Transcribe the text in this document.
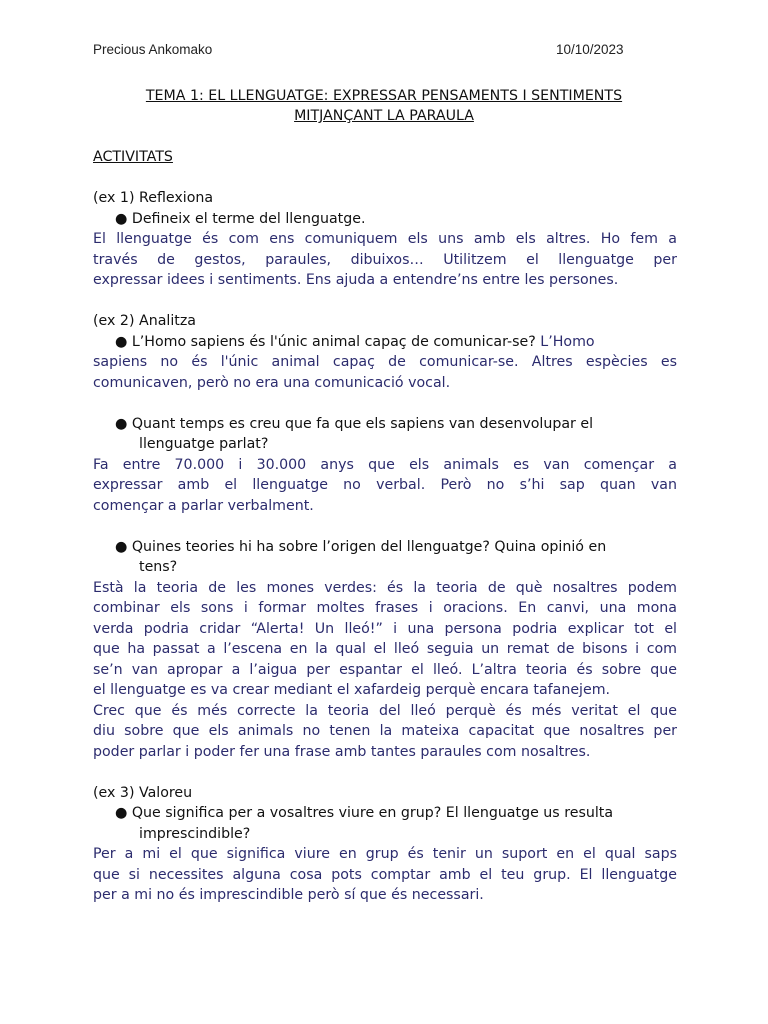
Precious Ankomako	10/10/2023
TEMA 1: EL LLENGUATGE: EXPRESSAR PENSAMENTS I SENTIMENTS
MITJANÇANT LA PARAULA
ACTIVITATS
(ex 1) Reflexiona
● Defineix el terme del llenguatge.
El llenguatge és com ens comuniquem els uns amb els altres. Ho fem a
través de gestos, paraules, dibuixos… Utilitzem el llenguatge per
expressar idees i sentiments. Ens ajuda a entendre’ns entre les persones.
(ex 2) Analitza
● L’Homo sapiens és l'únic animal capaç de comunicar-se? L’Homo
sapiens no és l'únic animal capaç de comunicar-se. Altres espècies es
comunicaven, però no era una comunicació vocal.
● Quant temps es creu que fa que els sapiens van desenvolupar el
llenguatge parlat?
Fa entre 70.000 i 30.000 anys que els animals es van començar a
expressar amb el llenguatge no verbal. Però no s’hi sap quan van
començar a parlar verbalment.
● Quines teories hi ha sobre l’origen del llenguatge? Quina opinió en
tens?
Està la teoria de les mones verdes: és la teoria de què nosaltres podem
combinar els sons i formar moltes frases i oracions. En canvi, una mona
verda podria cridar “Alerta! Un lleó!” i una persona podria explicar tot el
que ha passat a l’escena en la qual el lleó seguia un remat de bisons i com
se’n van apropar a l’aigua per espantar el lleó. L’altra teoria és sobre que
el llenguatge es va crear mediant el xafardeig perquè encara tafanejem.
Crec que és més correcte la teoria del lleó perquè és més veritat el que
diu sobre que els animals no tenen la mateixa capacitat que nosaltres per
poder parlar i poder fer una frase amb tantes paraules com nosaltres.
(ex 3) Valoreu
● Que significa per a vosaltres viure en grup? El llenguatge us resulta
imprescindible?
Per a mi el que significa viure en grup és tenir un suport en el qual saps
que si necessites alguna cosa pots comptar amb el teu grup. El llenguatge
per a mi no és imprescindible però sí que és necessari.
